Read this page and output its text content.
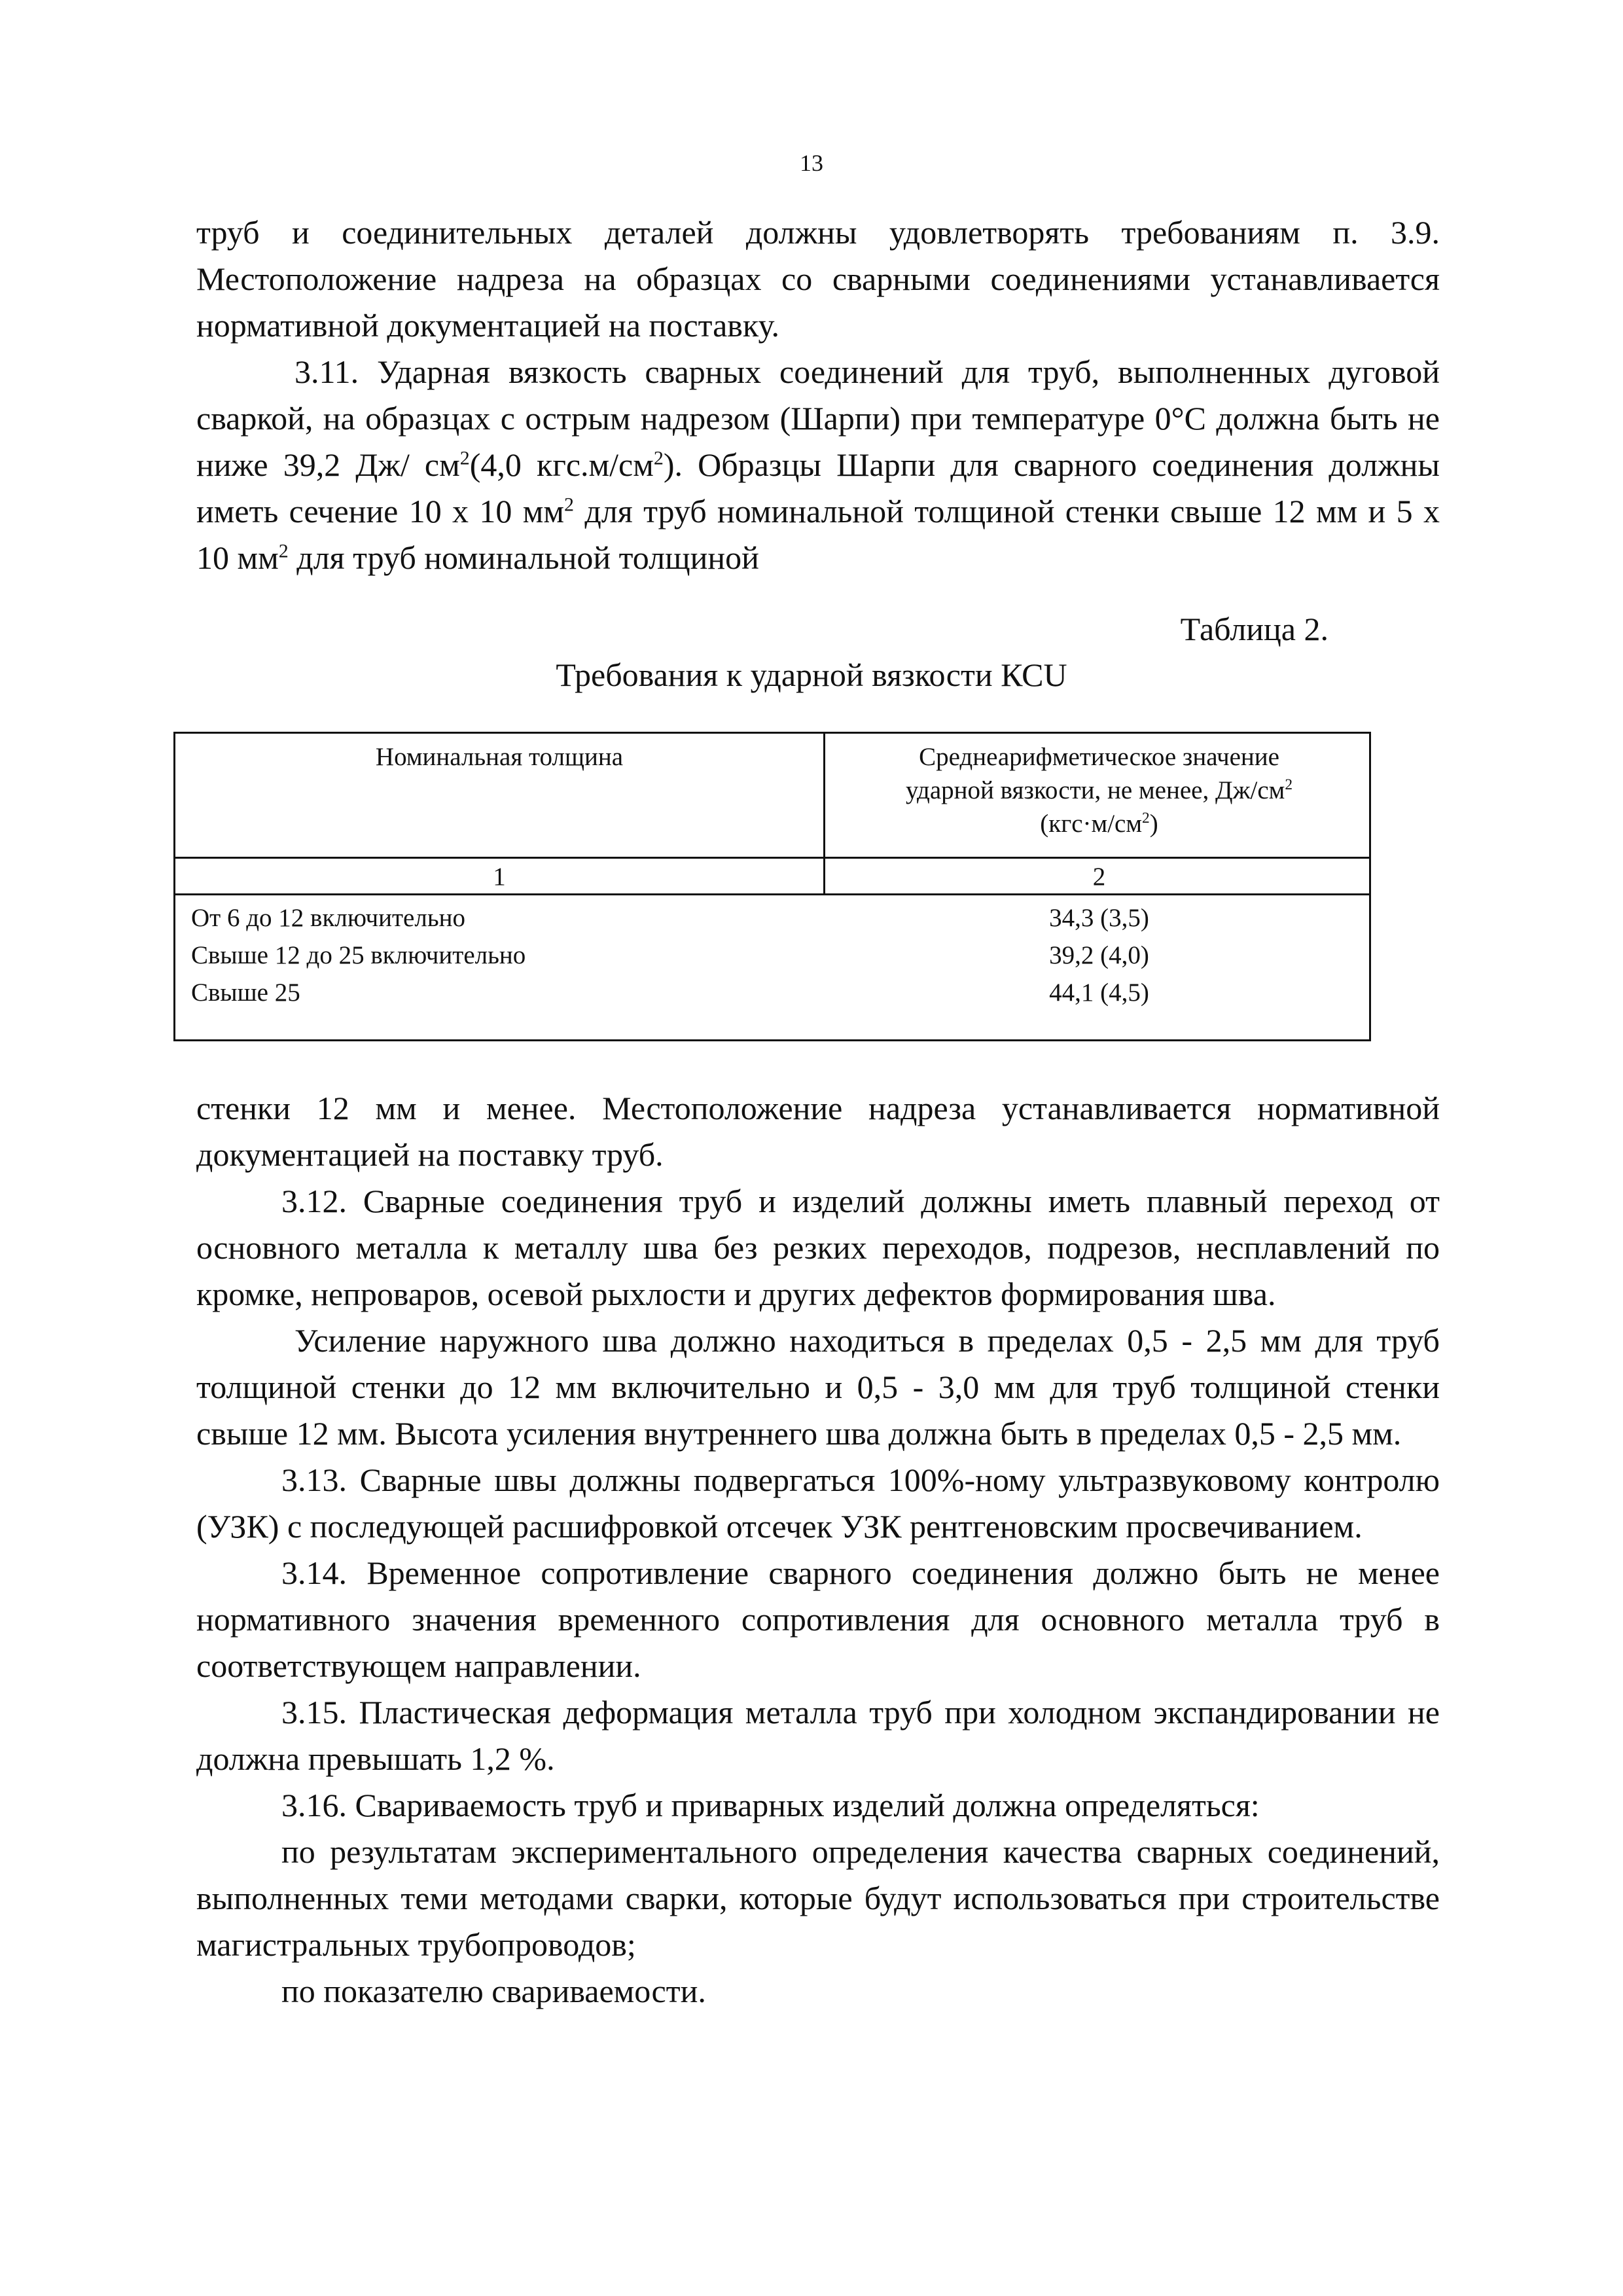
13

труб и соединительных деталей должны удовлетворять требованиям п. 3.9. Местоположение надреза на образцах со сварными соединениями устанавливается нормативной документацией на поставку.

3.11. Ударная вязкость сварных соединений для труб, выполненных дуговой сваркой, на образцах с острым надрезом (Шарпи) при температуре 0°С должна быть не ниже 39,2 Дж/ $см^2(4,0$ $кгс.м/см^2$). Образцы Шарпи для сварного соединения должны иметь сечение 10 х 10 $мм^2$ для труб номинальной толщиной стенки свыше 12 мм и 5 х 10 $мм^2$ для труб номинальной толщиной

Таблица 2.
Требования к ударной вязкости КСU
Номинальная толщина	Среднеарифметическое значение
ударной вязкости, не менее, $Дж/см^2$
$(кгс\cdot м/см^2)$
1	2
От 6 до 12 включительно	34,3 (3,5)
Свыше 12 до 25 включительно	39,2 (4,0)
Свыше 25	44,1 (4,5)

стенки 12 мм и менее. Местоположение надреза устанавливается нормативной документацией на поставку труб.

3.12. Сварные соединения труб и изделий должны иметь плавный переход от основного металла к металлу шва без резких переходов, подрезов, несплавлений по кромке, непроваров, осевой рыхлости и других дефектов формирования шва.

Усиление наружного шва должно находиться в пределах 0,5 - 2,5 мм для труб толщиной стенки до 12 мм включительно и 0,5 - 3,0 мм для труб толщиной стенки свыше 12 мм. Высота усиления внутреннего шва должна быть в пределах 0,5 - 2,5 мм.

3.13. Сварные швы должны подвергаться 100%-ному ультразвуковому контролю (УЗК) с последующей расшифровкой отсечек УЗК рентгеновским просвечиванием.

3.14. Временное сопротивление сварного соединения должно быть не менее нормативного значения временного сопротивления для основного металла труб в соответствующем направлении.

3.15. Пластическая деформация металла труб при холодном экспандировании не должна превышать 1,2 %.

3.16. Свариваемость труб и приварных изделий должна определяться:

по результатам экспериментального определения качества сварных соединений, выполненных теми методами сварки, которые будут использоваться при строительстве магистральных трубопроводов;

по показателю свариваемости.
